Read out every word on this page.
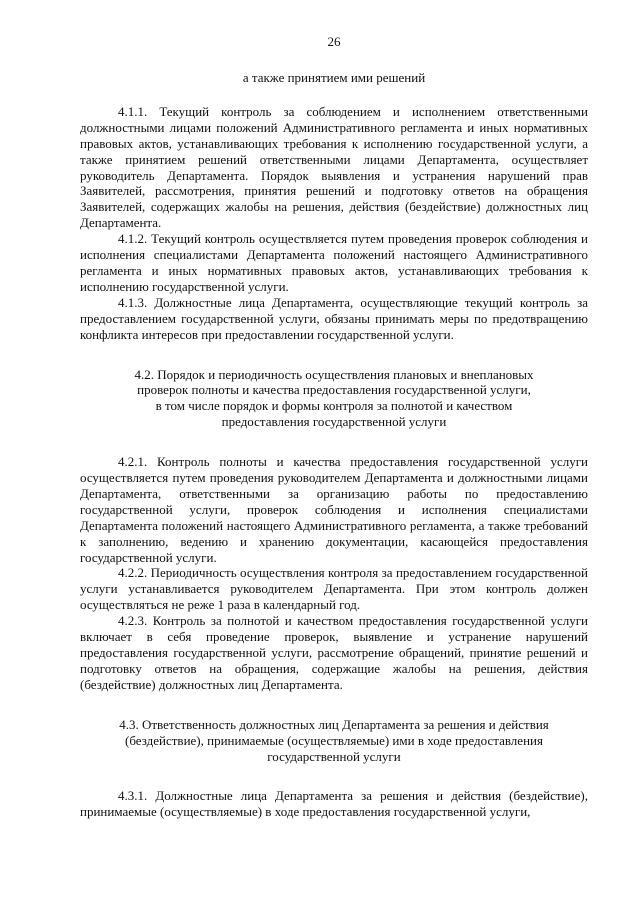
26

а также принятием ими решений

4.1.1. Текущий контроль за соблюдением и исполнением ответственными должностными лицами положений Административного регламента и иных нормативных правовых актов, устанавливающих требования к исполнению государственной услуги, а также принятием решений ответственными лицами Департамента, осуществляет руководитель Департамента. Порядок выявления и устранения нарушений прав Заявителей, рассмотрения, принятия решений и подготовку ответов на обращения Заявителей, содержащих жалобы на решения, действия (бездействие) должностных лиц Департамента.

4.1.2. Текущий контроль осуществляется путем проведения проверок соблюдения и исполнения специалистами Департамента положений настоящего Административного регламента и иных нормативных правовых актов, устанавливающих требования к исполнению государственной услуги.

4.1.3. Должностные лица Департамента, осуществляющие текущий контроль за предоставлением государственной услуги, обязаны принимать меры по предотвращению конфликта интересов при предоставлении государственной услуги.

4.2. Порядок и периодичность осуществления плановых и внеплановых

проверок полноты и качества предоставления государственной услуги,

в том числе порядок и формы контроля за полнотой и качеством

предоставления государственной услуги

4.2.1. Контроль полноты и качества предоставления государственной услуги осуществляется путем проведения руководителем Департамента и должностными лицами Департамента, ответственными за организацию работы по предоставлению государственной услуги, проверок соблюдения и исполнения специалистами Департамента положений настоящего Административного регламента, а также требований к заполнению, ведению и хранению документации, касающейся предоставления государственной услуги.

4.2.2. Периодичность осуществления контроля за предоставлением государственной услуги устанавливается руководителем Департамента. При этом контроль должен осуществляться не реже 1 раза в календарный год.

4.2.3. Контроль за полнотой и качеством предоставления государственной услуги включает в себя проведение проверок, выявление и устранение нарушений предоставления государственной услуги, рассмотрение обращений, принятие решений и подготовку ответов на обращения, содержащие жалобы на решения, действия (бездействие) должностных лиц Департамента.

4.3. Ответственность должностных лиц Департамента за решения и действия

(бездействие), принимаемые (осуществляемые) ими в ходе предоставления

государственной услуги

4.3.1. Должностные лица Департамента за решения и действия (бездействие), принимаемые (осуществляемые) в ходе предоставления государственной услуги,
